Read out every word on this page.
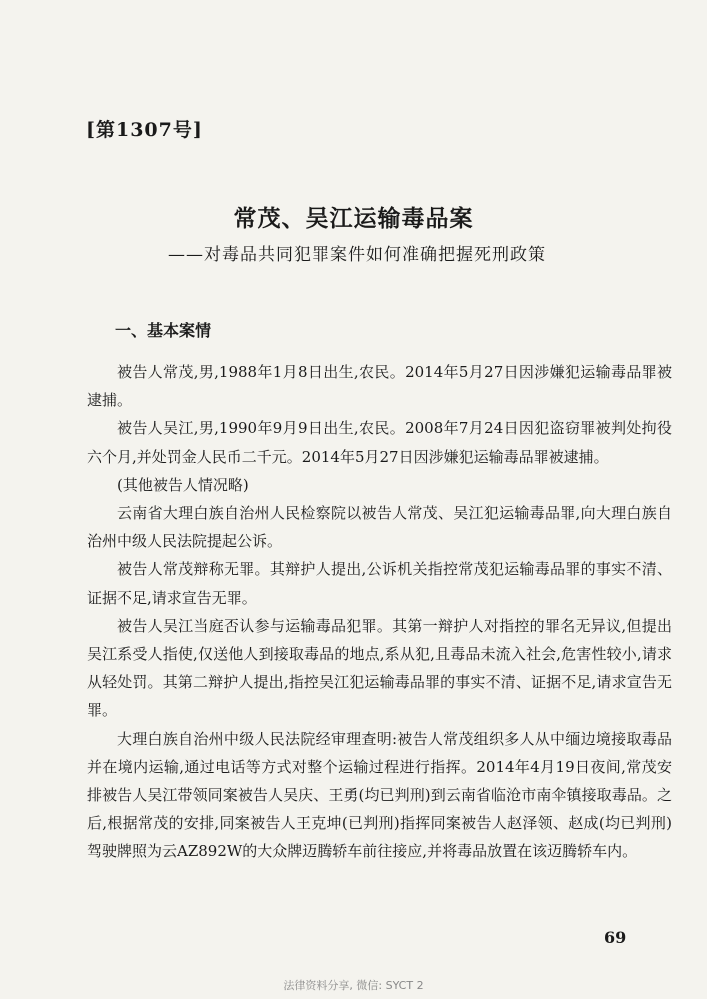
[第1307号]
常茂、吴江运输毒品案
——对毒品共同犯罪案件如何准确把握死刑政策
一、基本案情

被告人常茂,男,1988年1月8日出生,农民。2014年5月27日因涉嫌犯运输毒品罪被逮捕。

被告人吴江,男,1990年9月9日出生,农民。2008年7月24日因犯盗窃罪被判处拘役六个月,并处罚金人民币二千元。2014年5月27日因涉嫌犯运输毒品罪被逮捕。

(其他被告人情况略)

云南省大理白族自治州人民检察院以被告人常茂、吴江犯运输毒品罪,向大理白族自治州中级人民法院提起公诉。

被告人常茂辩称无罪。其辩护人提出,公诉机关指控常茂犯运输毒品罪的事实不清、证据不足,请求宣告无罪。

被告人吴江当庭否认参与运输毒品犯罪。其第一辩护人对指控的罪名无异议,但提出吴江系受人指使,仅送他人到接取毒品的地点,系从犯,且毒品未流入社会,危害性较小,请求从轻处罚。其第二辩护人提出,指控吴江犯运输毒品罪的事实不清、证据不足,请求宣告无罪。

大理白族自治州中级人民法院经审理查明:被告人常茂组织多人从中缅边境接取毒品并在境内运输,通过电话等方式对整个运输过程进行指挥。2014年4月19日夜间,常茂安排被告人吴江带领同案被告人吴庆、王勇(均已判刑)到云南省临沧市南伞镇接取毒品。之后,根据常茂的安排,同案被告人王克坤(已判刑)指挥同案被告人赵泽领、赵成(均已判刑)驾驶牌照为云AZ892W的大众牌迈腾轿车前往接应,并将毒品放置在该迈腾轿车内。

69
法律资料分享, 微信: SYCT 2
